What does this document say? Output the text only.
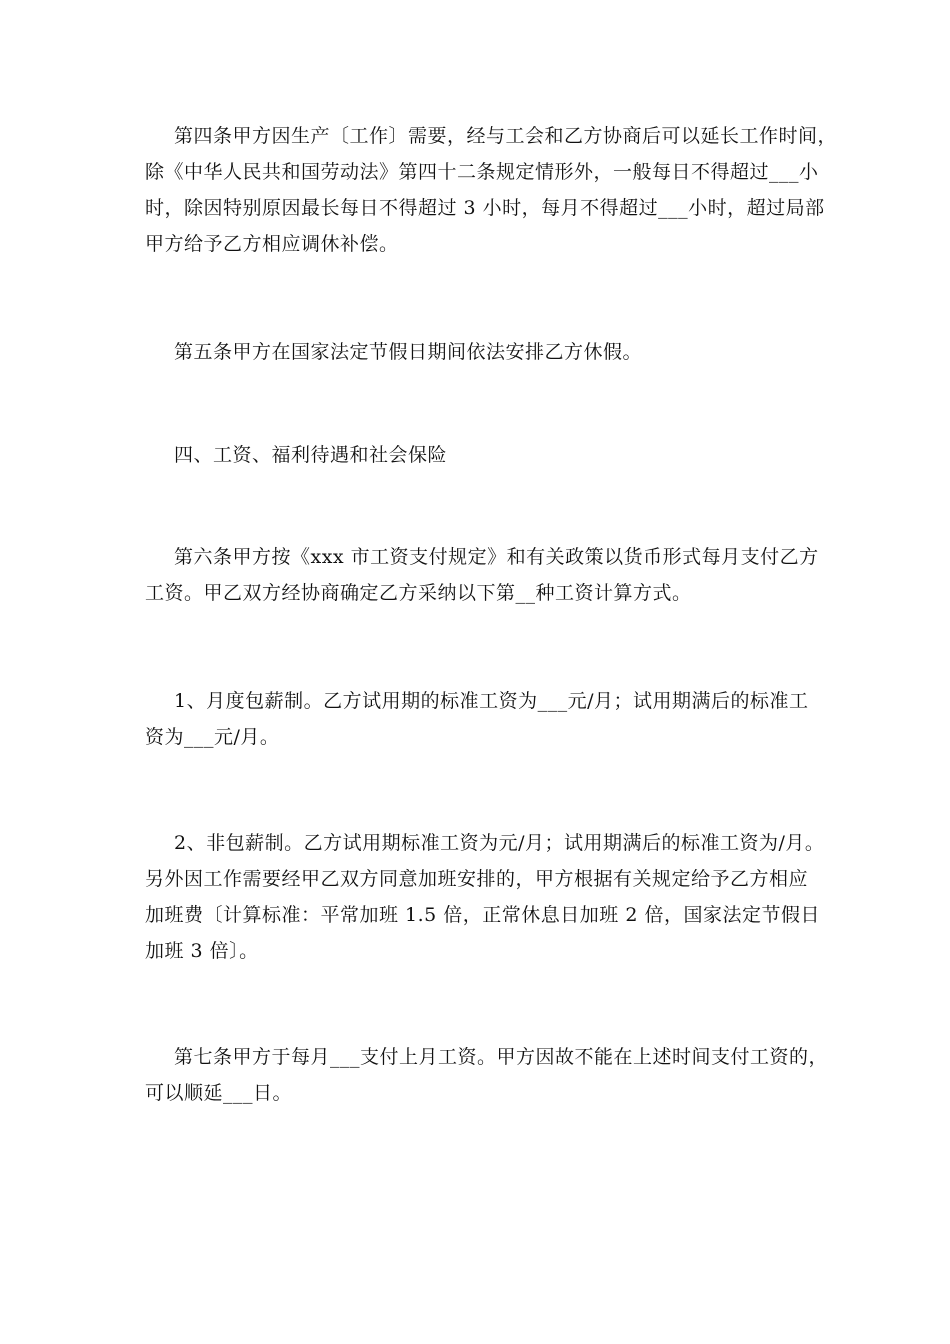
第四条甲方因生产〔工作〕需要，经与工会和乙方协商后可以延长工作时间，
除《中华人民共和国劳动法》第四十二条规定情形外，一般每日不得超过___小
时，除因特别原因最长每日不得超过 3 小时，每月不得超过___小时，超过局部
甲方给予乙方相应调休补偿。
第五条甲方在国家法定节假日期间依法安排乙方休假。
四、工资、福利待遇和社会保险
第六条甲方按《xxx 市工资支付规定》和有关政策以货币形式每月支付乙方
工资。甲乙双方经协商确定乙方采纳以下第__种工资计算方式。
1、月度包薪制。乙方试用期的标准工资为___元/月；试用期满后的标准工
资为___元/月。
2、非包薪制。乙方试用期标准工资为元/月；试用期满后的标准工资为/月。
另外因工作需要经甲乙双方同意加班安排的，甲方根据有关规定给予乙方相应
加班费〔计算标准：平常加班 1.5 倍，正常休息日加班 2 倍，国家法定节假日
加班 3 倍〕。
第七条甲方于每月___支付上月工资。甲方因故不能在上述时间支付工资的，
可以顺延___日。
